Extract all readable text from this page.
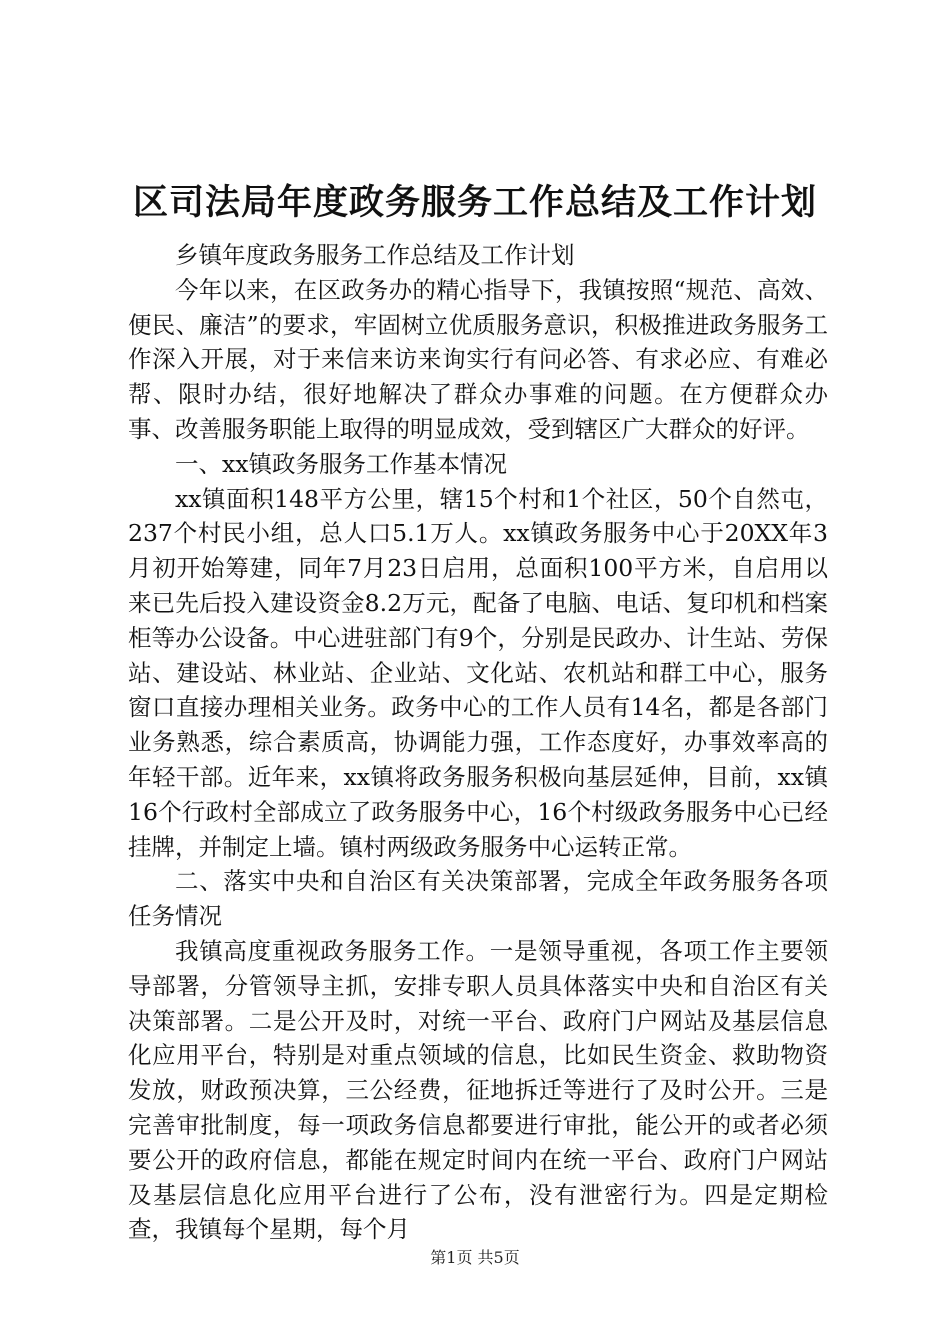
区司法局年度政务服务工作总结及工作计划

乡镇年度政务服务工作总结及工作计划

今年以来，在区政务办的精心指导下，我镇按照“规范、高效、便民、廉洁”的要求，牢固树立优质服务意识，积极推进政务服务工作深入开展，对于来信来访来询实行有问必答、有求必应、有难必帮、限时办结，很好地解决了群众办事难的问题。在方便群众办事、改善服务职能上取得的明显成效，受到辖区广大群众的好评。

一、xx镇政务服务工作基本情况

xx镇面积148平方公里，辖15个村和1个社区，50个自然屯，237个村民小组，总人口5.1万人。xx镇政务服务中心于20XX年3月初开始筹建，同年7月23日启用，总面积100平方米，自启用以来已先后投入建设资金8.2万元，配备了电脑、电话、复印机和档案柜等办公设备。中心进驻部门有9个，分别是民政办、计生站、劳保站、建设站、林业站、企业站、文化站、农机站和群工中心，服务窗口直接办理相关业务。政务中心的工作人员有14名，都是各部门业务熟悉，综合素质高，协调能力强，工作态度好，办事效率高的年轻干部。近年来，xx镇将政务服务积极向基层延伸，目前，xx镇16个行政村全部成立了政务服务中心，16个村级政务服务中心已经挂牌，并制定上墙。镇村两级政务服务中心运转正常。

二、落实中央和自治区有关决策部署，完成全年政务服务各项任务情况

我镇高度重视政务服务工作。一是领导重视，各项工作主要领导部署，分管领导主抓，安排专职人员具体落实中央和自治区有关决策部署。二是公开及时，对统一平台、政府门户网站及基层信息化应用平台，特别是对重点领域的信息，比如民生资金、救助物资发放，财政预决算，三公经费，征地拆迁等进行了及时公开。三是完善审批制度，每一项政务信息都要进行审批，能公开的或者必须要公开的政府信息，都能在规定时间内在统一平台、政府门户网站及基层信息化应用平台进行了公布，没有泄密行为。四是定期检查，我镇每个星期，每个月

第1页 共5页
